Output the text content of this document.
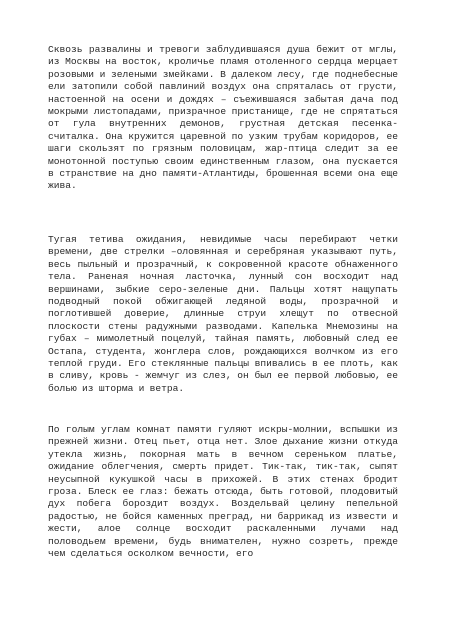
Сквозь развалины и тревоги заблудившаяся душа бежит от мглы, из Москвы на восток, кроличье пламя отоленного сердца мерцает розовыми и зелеными змейками. В далеком лесу, где поднебесные ели затопили собой павлиний воздух она спряталась от грусти, настоенной на осени и дождях – съежившаяся забытая дача под мокрыми листопадами, призрачное пристанище, где не спрятаться от гула внутренних демонов, грустная детская песенка-считалка. Она кружится царевной по узким трубам коридоров, ее шаги скользят по грязным половицам, жар-птица следит за ее монотонной поступью своим единственным глазом, она пускается в странствие на дно памяти-Атлантиды, брошенная всеми она еще жива.

Тугая тетива ожидания, невидимые часы перебирают четки времени, две стрелки –оловянная и серебряная указывают путь, весь пыльный и прозрачный, к сокровенной красоте обнаженного тела. Раненая ночная ласточка, лунный сон восходит над вершинами, зыбкие серо-зеленые дни. Пальцы хотят нащупать подводный покой обжигающей ледяной воды, прозрачной и поглотившей доверие, длинные струи хлещут по отвесной плоскости стены радужными разводами. Капелька Мнемозины на губах – мимолетный поцелуй, тайная память, любовный след ее Остапа, студента, жонглера слов, рождающихся волчком из его теплой груди. Его стеклянные пальцы впивались в ее плоть, как в сливу, кровь - жемчуг из слез, он был ее первой любовью, ее болью из шторма и ветра.

По голым углам комнат памяти гуляют искры-молнии, вспышки из прежней жизни. Отец пьет, отца нет. Злое дыхание жизни откуда утекла жизнь, покорная мать в вечном сереньком платье, ожидание облегчения, смерть придет. Тик-так, тик-так, сыпят неусыпной кукушкой часы в прихожей. В этих стенах бродит гроза. Блеск ее глаз: бежать отсюда, быть готовой, плодовитый дух побега бороздит воздух. Воздельвай целину пепельной радостью, не бойся каменных преград, ни баррикад из извести и жести, алое солнце восходит раскаленными лучами над половодьем времени, будь внимателен, нужно созреть, прежде чем сделаться осколком вечности, его
